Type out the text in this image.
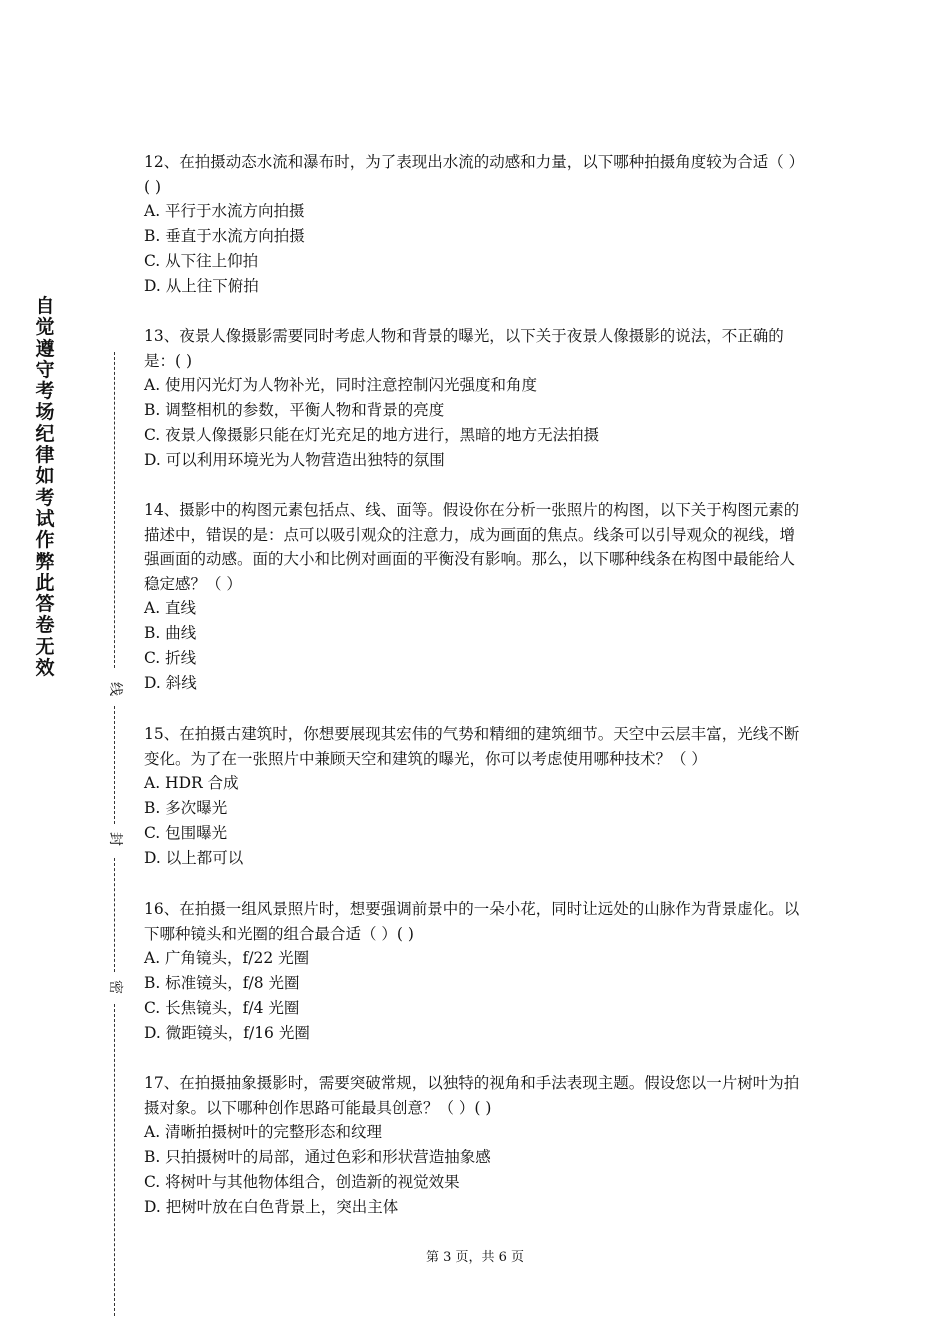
自觉遵守考场纪律如考试作弊此答卷无效
线
封
密

12、在拍摄动态水流和瀑布时，为了表现出水流的动感和力量，以下哪种拍摄角度较为合适（ ）( )

A. 平行于水流方向拍摄

B. 垂直于水流方向拍摄

C. 从下往上仰拍

D. 从上往下俯拍

13、夜景人像摄影需要同时考虑人物和背景的曝光，以下关于夜景人像摄影的说法，不正确的是：( )

A. 使用闪光灯为人物补光，同时注意控制闪光强度和角度

B. 调整相机的参数，平衡人物和背景的亮度

C. 夜景人像摄影只能在灯光充足的地方进行，黑暗的地方无法拍摄

D. 可以利用环境光为人物营造出独特的氛围

14、摄影中的构图元素包括点、线、面等。假设你在分析一张照片的构图，以下关于构图元素的描述中，错误的是：点可以吸引观众的注意力，成为画面的焦点。线条可以引导观众的视线，增强画面的动感。面的大小和比例对画面的平衡没有影响。那么，以下哪种线条在构图中最能给人稳定感？（ ）

A. 直线

B. 曲线

C. 折线

D. 斜线

15、在拍摄古建筑时，你想要展现其宏伟的气势和精细的建筑细节。天空中云层丰富，光线不断变化。为了在一张照片中兼顾天空和建筑的曝光，你可以考虑使用哪种技术？（ ）

A. HDR 合成

B. 多次曝光

C. 包围曝光

D. 以上都可以

16、在拍摄一组风景照片时，想要强调前景中的一朵小花，同时让远处的山脉作为背景虚化。以下哪种镜头和光圈的组合最合适（ ）( )

A. 广角镜头，f/22 光圈

B. 标准镜头，f/8 光圈

C. 长焦镜头，f/4 光圈

D. 微距镜头，f/16 光圈

17、在拍摄抽象摄影时，需要突破常规，以独特的视角和手法表现主题。假设您以一片树叶为拍摄对象。以下哪种创作思路可能最具创意？（ ）( )

A. 清晰拍摄树叶的完整形态和纹理

B. 只拍摄树叶的局部，通过色彩和形状营造抽象感

C. 将树叶与其他物体组合，创造新的视觉效果

D. 把树叶放在白色背景上，突出主体

第 3 页，共 6 页
